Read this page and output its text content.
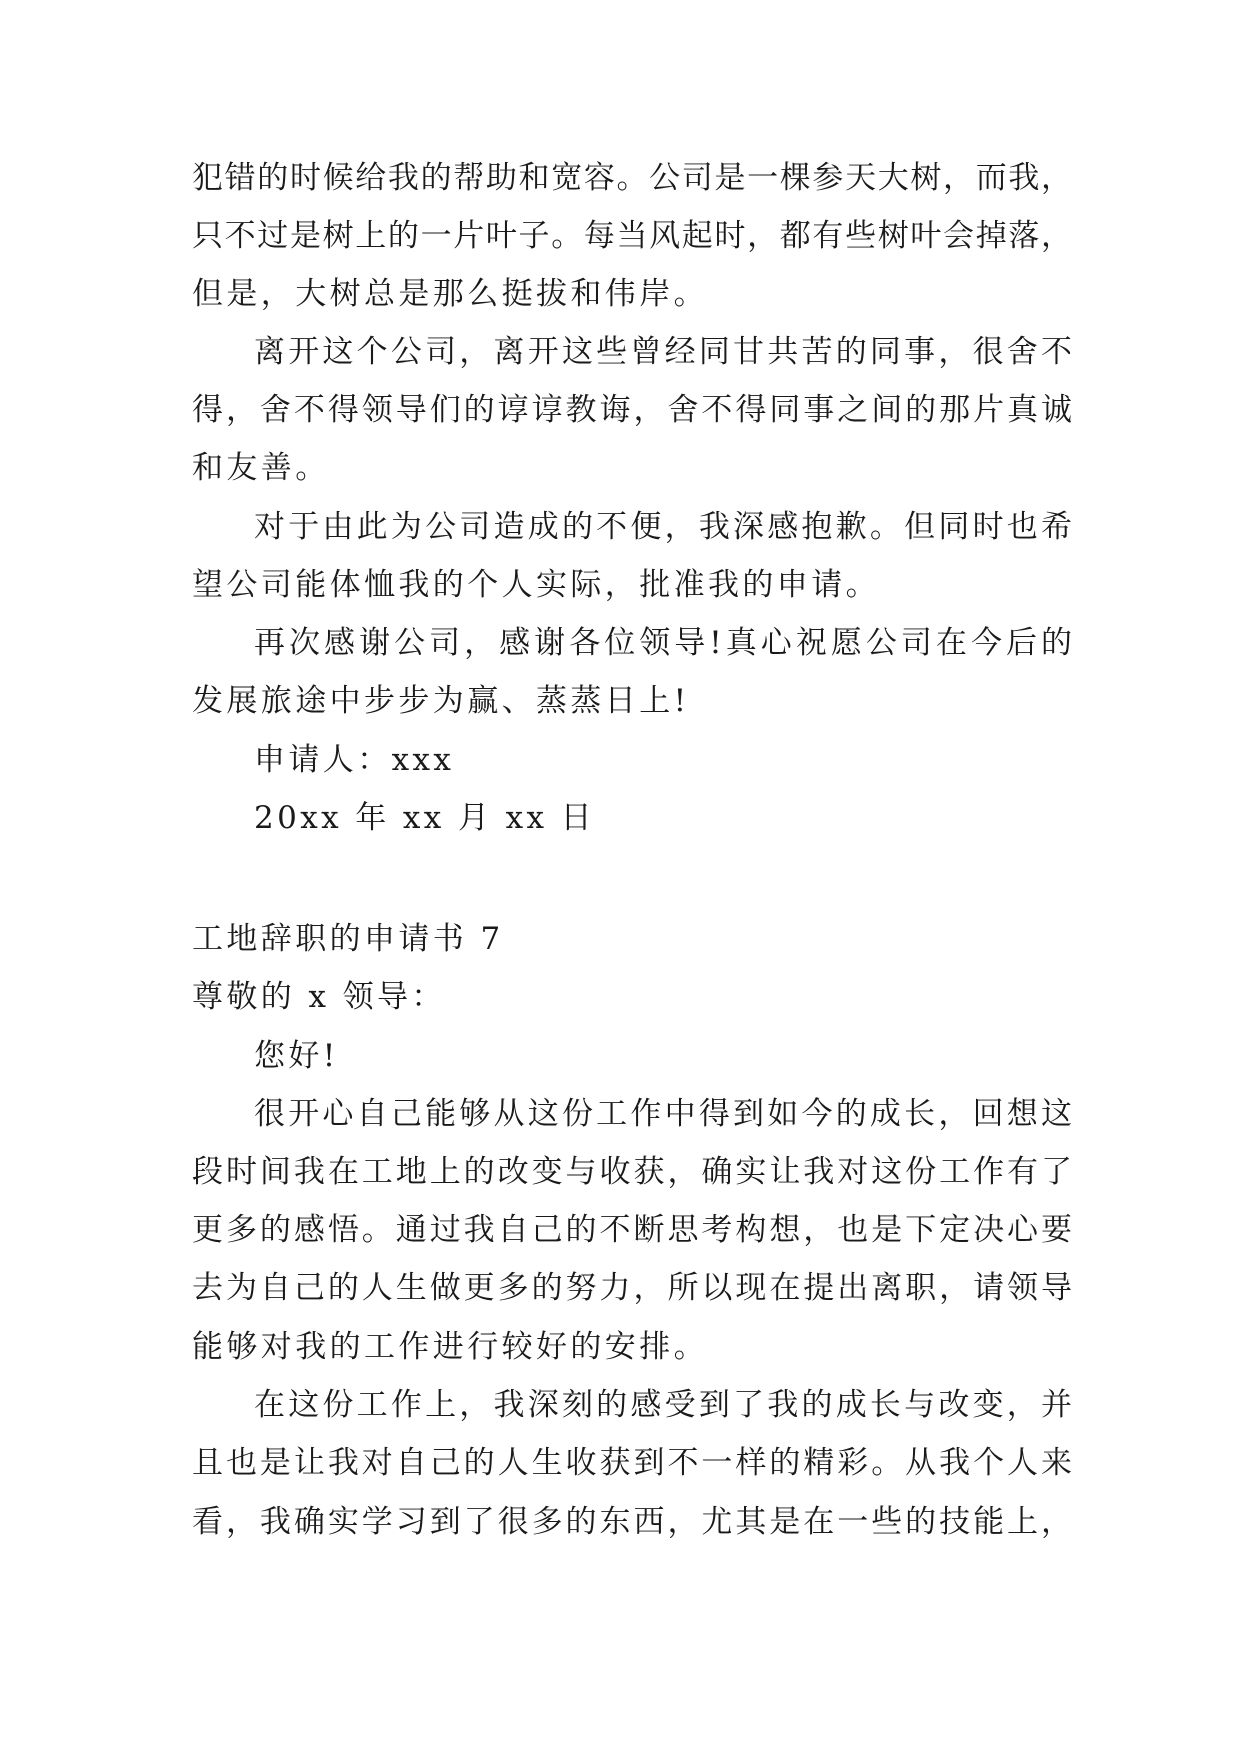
犯错的时候给我的帮助和宽容。公司是一棵参天大树，而我，
只不过是树上的一片叶子。每当风起时，都有些树叶会掉落，
但是，大树总是那么挺拔和伟岸。
离开这个公司，离开这些曾经同甘共苦的同事，很舍不
得，舍不得领导们的谆谆教诲，舍不得同事之间的那片真诚
和友善。
对于由此为公司造成的不便，我深感抱歉。但同时也希
望公司能体恤我的个人实际，批准我的申请。
再次感谢公司，感谢各位领导!真心祝愿公司在今后的
发展旅途中步步为赢、蒸蒸日上!
申请人：xxx
20xx 年 xx 月 xx 日
工地辞职的申请书 7
尊敬的 x 领导：
您好!
很开心自己能够从这份工作中得到如今的成长，回想这
段时间我在工地上的改变与收获，确实让我对这份工作有了
更多的感悟。通过我自己的不断思考构想，也是下定决心要
去为自己的人生做更多的努力，所以现在提出离职，请领导
能够对我的工作进行较好的安排。
在这份工作上，我深刻的感受到了我的成长与改变，并
且也是让我对自己的人生收获到不一样的精彩。从我个人来
看，我确实学习到了很多的东西，尤其是在一些的技能上，
